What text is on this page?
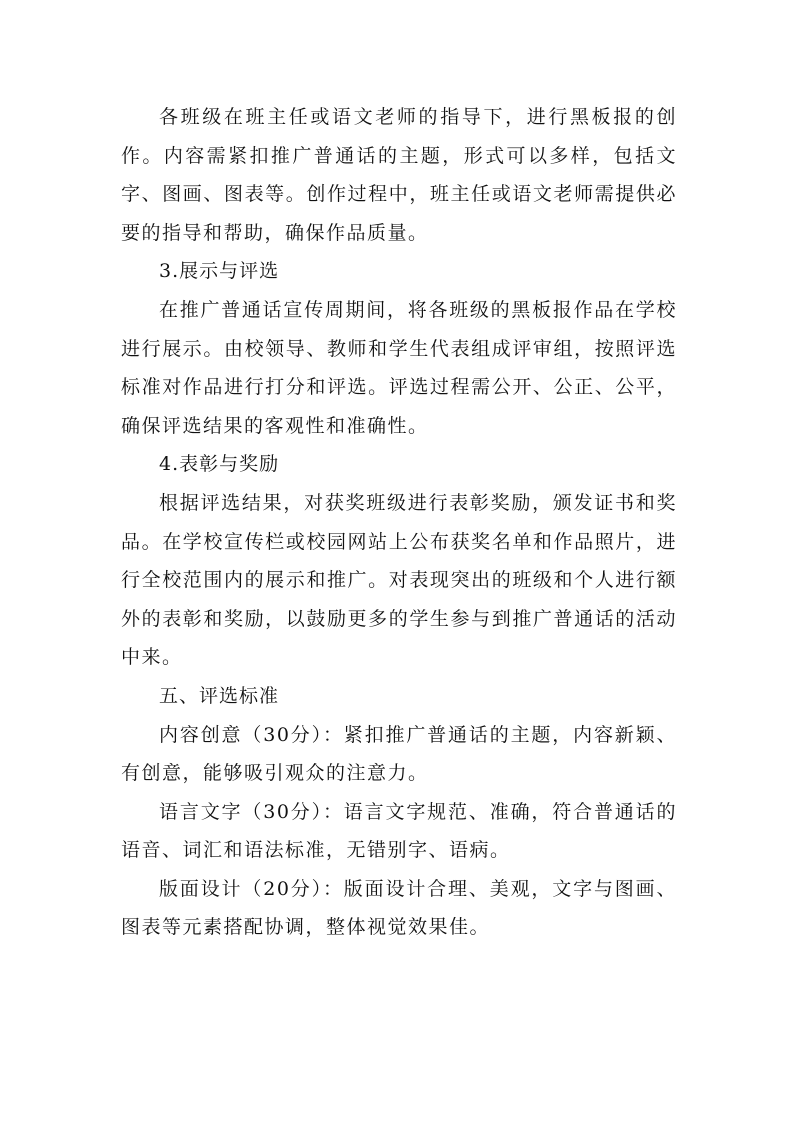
各班级在班主任或语文老师的指导下，进行黑板报的创作。内容需紧扣推广普通话的主题，形式可以多样，包括文字、图画、图表等。创作过程中，班主任或语文老师需提供必要的指导和帮助，确保作品质量。

3.展示与评选

在推广普通话宣传周期间，将各班级的黑板报作品在学校进行展示。由校领导、教师和学生代表组成评审组，按照评选标准对作品进行打分和评选。评选过程需公开、公正、公平，确保评选结果的客观性和准确性。

4.表彰与奖励

根据评选结果，对获奖班级进行表彰奖励，颁发证书和奖品。在学校宣传栏或校园网站上公布获奖名单和作品照片，进行全校范围内的展示和推广。对表现突出的班级和个人进行额外的表彰和奖励，以鼓励更多的学生参与到推广普通话的活动中来。

五、评选标准

内容创意（30分）：紧扣推广普通话的主题，内容新颖、有创意，能够吸引观众的注意力。

语言文字（30分）：语言文字规范、准确，符合普通话的语音、词汇和语法标准，无错别字、语病。

版面设计（20分）：版面设计合理、美观，文字与图画、图表等元素搭配协调，整体视觉效果佳。
